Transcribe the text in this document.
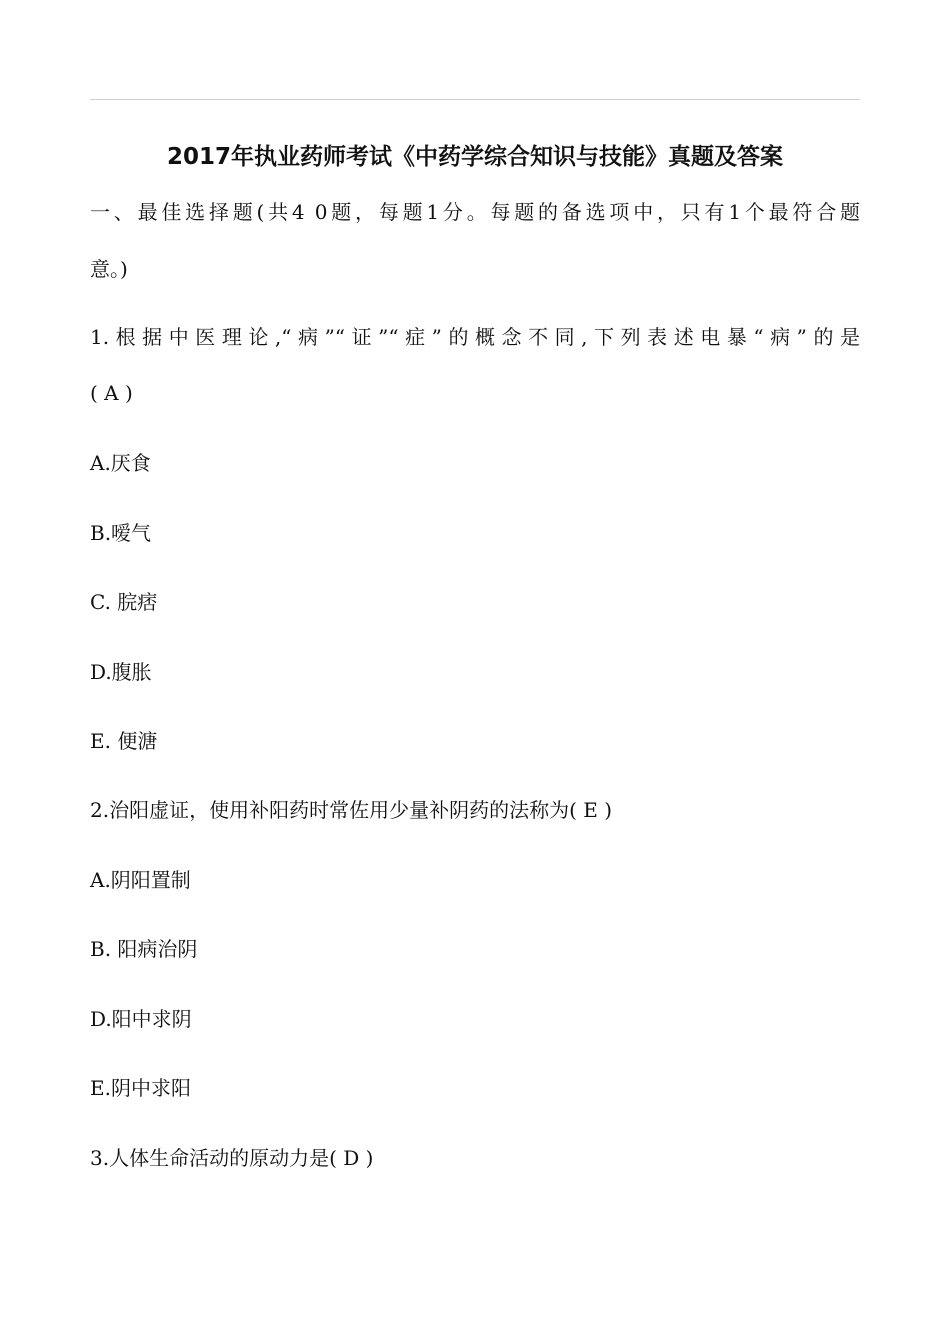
2017年执业药师考试《中药学综合知识与技能》真题及答案
一、最佳选择题(共4 0题，每题1分。每题的备选项中，只有1个最符合题
意。)
1.根据中医理论,“病”“证”“症”的概念不同,下列表述电暴“病”的是
( A )
A.厌食
B.嗳气
C. 脘痞
D.腹胀
E. 便溏
2.治阳虚证，使用补阳药时常佐用少量补阴药的法称为( E )
A.阴阳置制
B. 阳病治阴
D.阳中求阴
E.阴中求阳
3.人体生命活动的原动力是( D )
